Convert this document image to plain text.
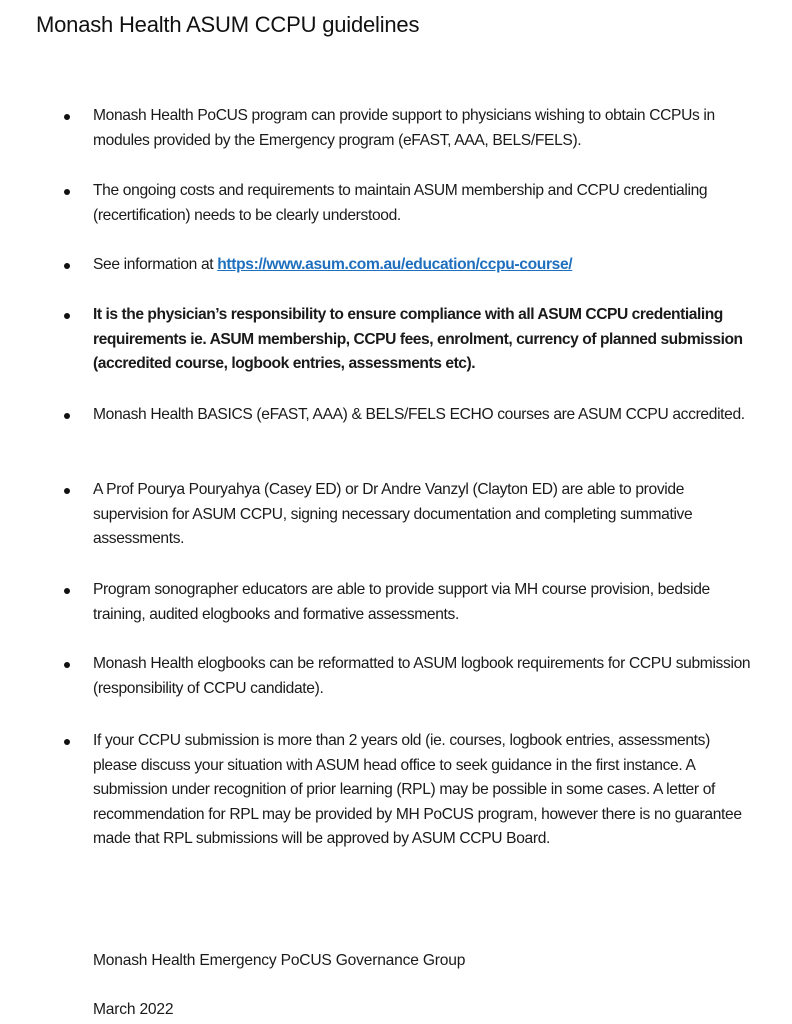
Monash Health ASUM CCPU guidelines
Monash Health PoCUS program can provide support to physicians wishing to obtain CCPUs in modules provided by the Emergency program (eFAST, AAA, BELS/FELS).
The ongoing costs and requirements to maintain ASUM membership and CCPU credentialing (recertification) needs to be clearly understood.
See information at https://www.asum.com.au/education/ccpu-course/
It is the physician’s responsibility to ensure compliance with all ASUM CCPU credentialing requirements ie. ASUM membership, CCPU fees, enrolment, currency of planned submission (accredited course, logbook entries, assessments etc).
Monash Health BASICS (eFAST, AAA) & BELS/FELS ECHO courses are ASUM CCPU accredited.
A Prof Pourya Pouryahya (Casey ED) or Dr Andre Vanzyl (Clayton ED) are able to provide supervision for ASUM CCPU, signing necessary documentation and completing summative assessments.
Program sonographer educators are able to provide support via MH course provision, bedside training, audited elogbooks and formative assessments.
Monash Health elogbooks can be reformatted to ASUM logbook requirements for CCPU submission (responsibility of CCPU candidate).
If your CCPU submission is more than 2 years old (ie. courses, logbook entries, assessments) please discuss your situation with ASUM head office to seek guidance in the first instance. A submission under recognition of prior learning (RPL) may be possible in some cases. A letter of recommendation for RPL may be provided by MH PoCUS program, however there is no guarantee made that RPL submissions will be approved by ASUM CCPU Board.
Monash Health Emergency PoCUS Governance Group
March 2022
